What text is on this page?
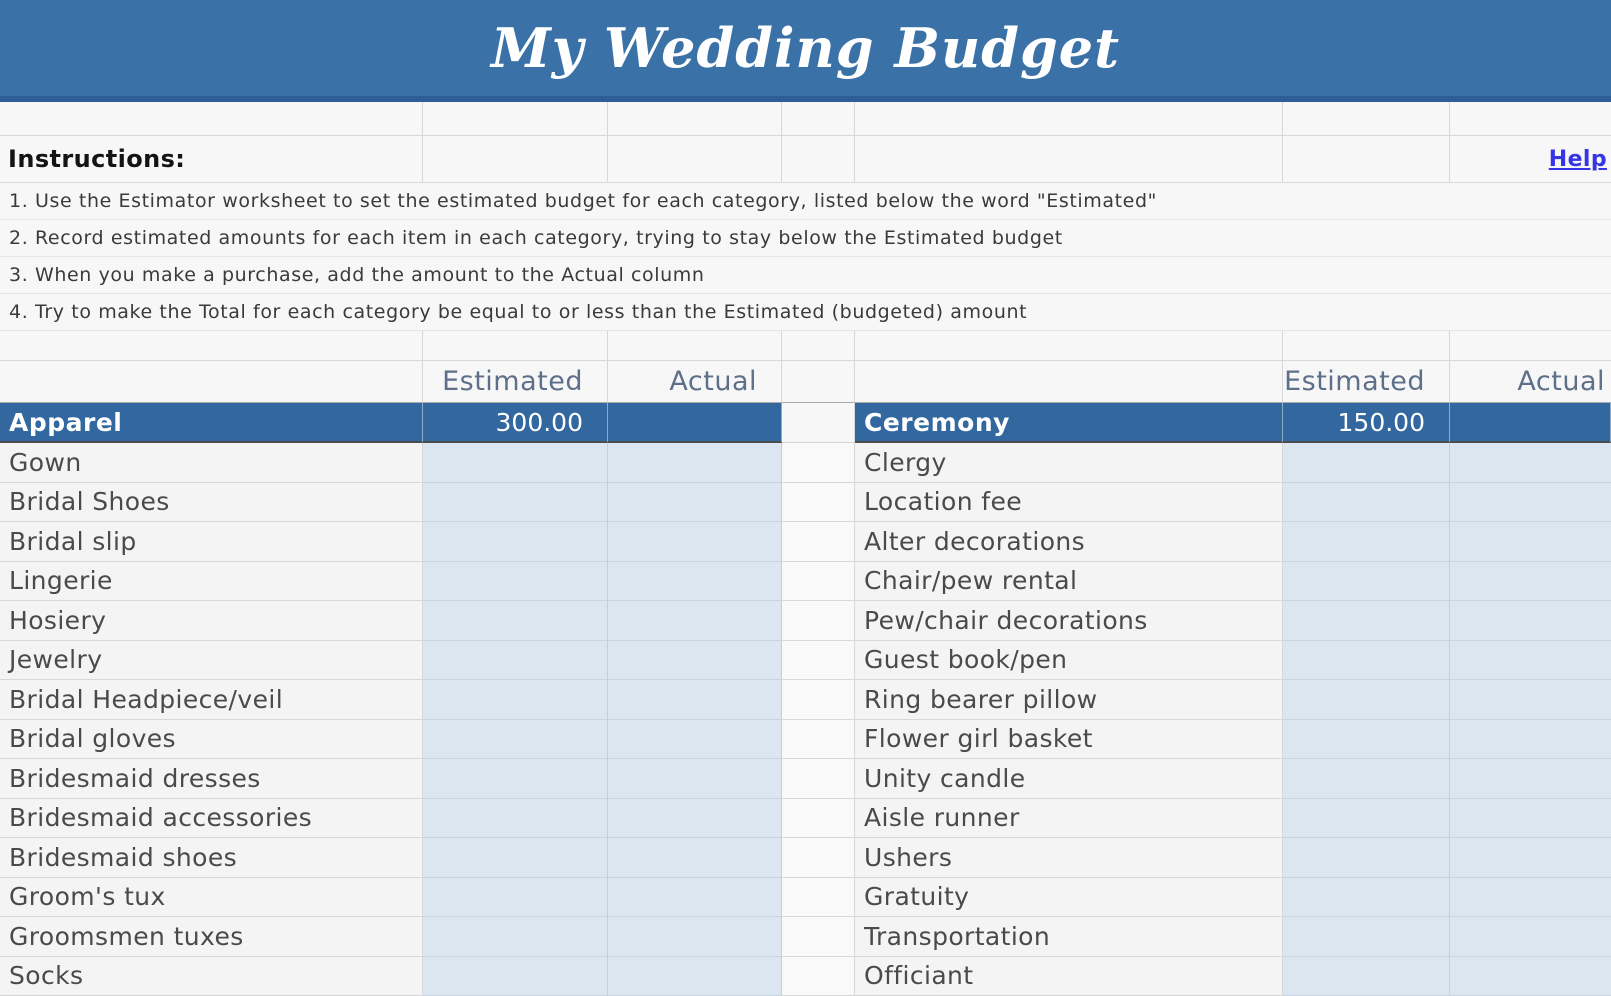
My Wedding Budget
Instructions:	Help
1. Use the Estimator worksheet to set the estimated budget for each category, listed below the word "Estimated"
2. Record estimated amounts for each item in each category, trying to stay below the Estimated budget
3. When you make a purchase, add the amount to the Actual column
4. Try to make the Total for each category be equal to or less than the Estimated (budgeted) amount
Estimated	Actual	Estimated	Actual
Apparel	300.00	Ceremony	150.00
Gown	Clergy
Bridal Shoes	Location fee
Bridal slip	Alter decorations
Lingerie	Chair/pew rental
Hosiery	Pew/chair decorations
Jewelry	Guest book/pen
Bridal Headpiece/veil	Ring bearer pillow
Bridal gloves	Flower girl basket
Bridesmaid dresses	Unity candle
Bridesmaid accessories	Aisle runner
Bridesmaid shoes	Ushers
Groom's tux	Gratuity
Groomsmen tuxes	Transportation
Socks	Officiant
